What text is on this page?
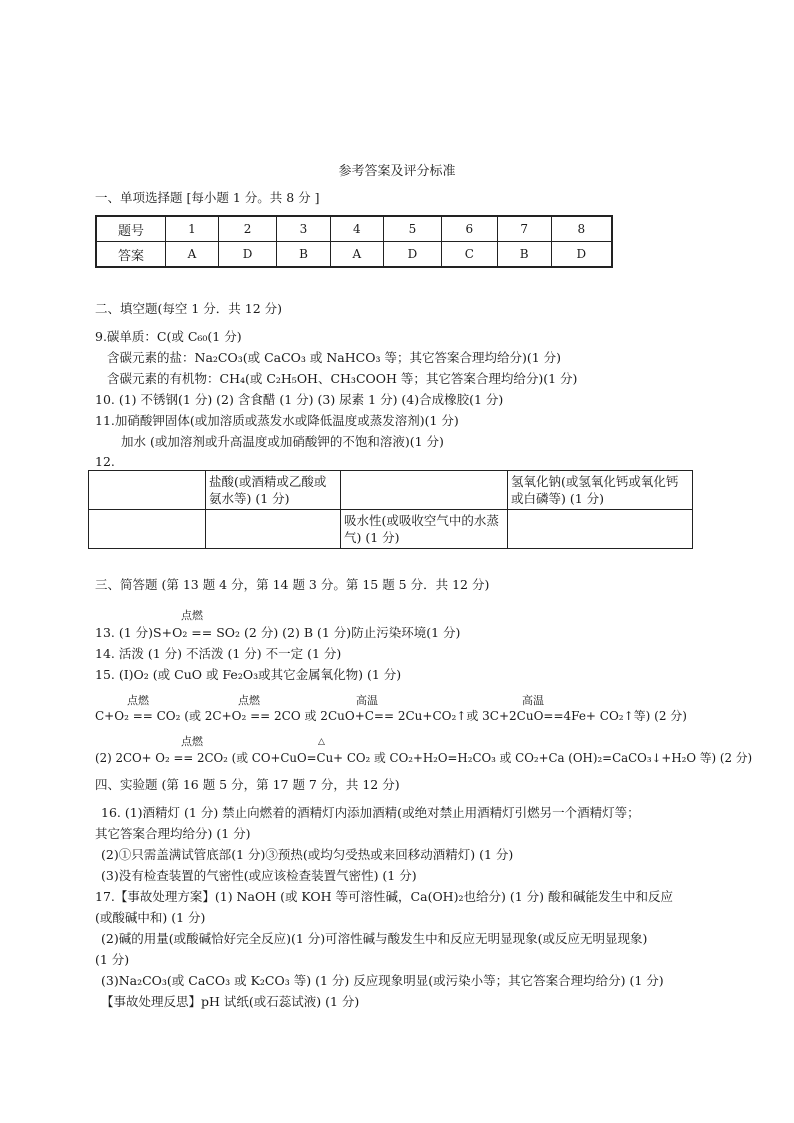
参考答案及评分标准
一、单项选择题 [每小题 1 分。共 8 分 ]
题号	1	2	3	4	5	6	7	8
答案	A	D	B	A	D	C	B	D
二、填空题(每空 1 分．共 12 分)
9.碳单质：C(或 C₆₀(1 分)
含碳元素的盐：Na₂CO₃(或 CaCO₃ 或 NaHCO₃ 等；其它答案合理均给分)(1 分)
含碳元素的有机物：CH₄(或 C₂H₅OH、CH₃COOH 等；其它答案合理均给分)(1 分)
10. (1) 不锈钢(1 分) (2) 含食醋 (1 分) (3) 尿素 1 分) (4)合成橡胶(1 分)
11.加硝酸钾固体(或加溶质或蒸发水或降低温度或蒸发溶剂)(1 分)
加水 (或加溶剂或升高温度或加硝酸钾的不饱和溶液)(1 分)
12.
	盐酸(或酒精或乙酸或氨水等) (1 分)		氢氧化钠(或氢氧化钙或氧化钙或白磷等) (1 分)
		吸水性(或吸收空气中的水蒸气) (1 分)	
三、简答题 (第 13 题 4 分，第 14 题 3 分。第 15 题 5 分．共 12 分)
点燃
13. (1 分)S+O₂ == SO₂ (2 分) (2) B (1 分)防止污染环境(1 分)
14. 活泼 (1 分) 不活泼 (1 分) 不一定 (1 分)
15. (I)O₂ (或 CuO 或 Fe₂O₃或其它金属氧化物) (1 分)
点燃	点燃	高温	高温
C+O₂ == CO₂ (或 2C+O₂ == 2CO 或 2CuO+C== 2Cu+CO₂↑或 3C+2CuO==4Fe+ CO₂↑等) (2 分)
点燃	△
(2) 2CO+ O₂ == 2CO₂ (或 CO+CuO=Cu+ CO₂ 或 CO₂+H₂O=H₂CO₃ 或 CO₂+Ca (OH)₂=CaCO₃↓+H₂O 等) (2 分)
四、实验题 (第 16 题 5 分，第 17 题 7 分，共 12 分)
16. (1)酒精灯 (1 分) 禁止向燃着的酒精灯内添加酒精(或绝对禁止用酒精灯引燃另一个酒精灯等；
其它答案合理均给分) (1 分)
(2)①只需盖满试管底部(1 分)③预热(或均匀受热或来回移动酒精灯) (1 分)
(3)没有检查装置的气密性(或应该检查装置气密性) (1 分)
17.【事故处理方案】(1) NaOH (或 KOH 等可溶性碱，Ca(OH)₂也给分) (1 分) 酸和碱能发生中和反应
(或酸碱中和) (1 分)
(2)碱的用量(或酸碱恰好完全反应)(1 分)可溶性碱与酸发生中和反应无明显现象(或反应无明显现象)
(1 分)
(3)Na₂CO₃(或 CaCO₃ 或 K₂CO₃ 等) (1 分) 反应现象明显(或污染小等；其它答案合理均给分) (1 分)
【事故处理反思】pH 试纸(或石蕊试液) (1 分)
